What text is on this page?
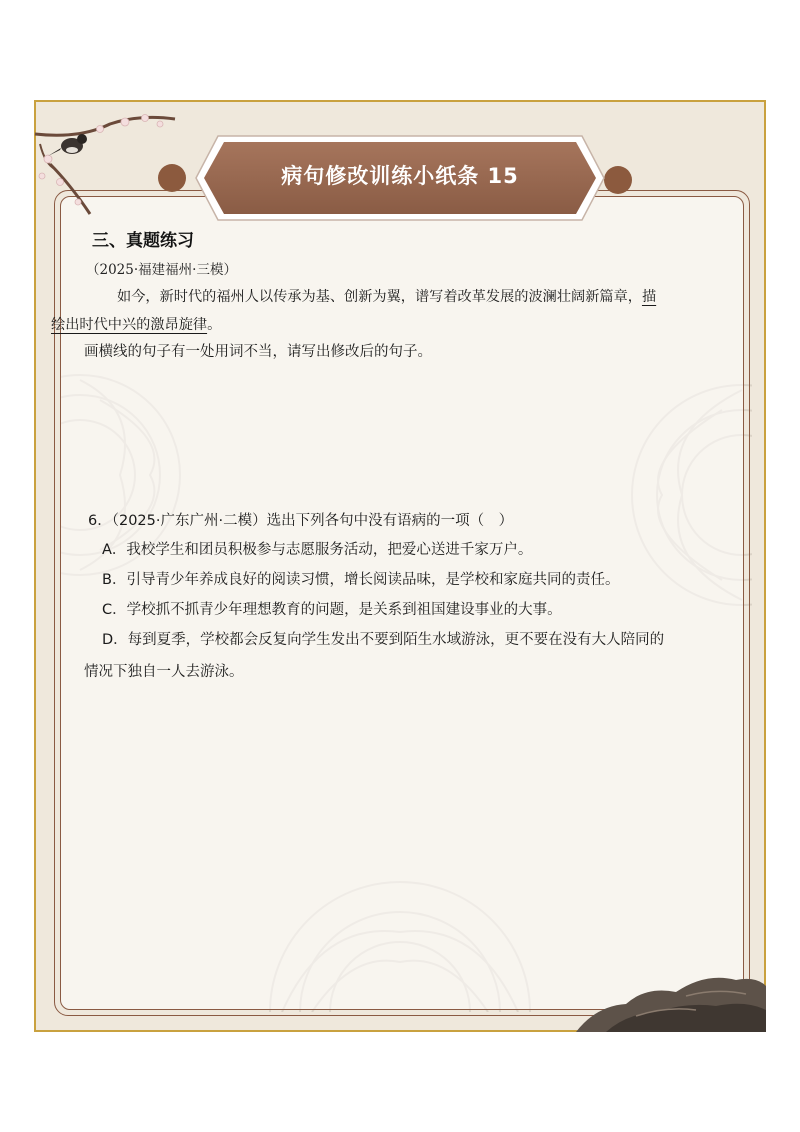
病句修改训练小纸条 15
三、真题练习
（2025·福建福州·三模）
如今，新时代的福州人以传承为基、创新为翼，谱写着改革发展的波澜壮阔新篇章，描
绘出时代中兴的激昂旋律。
画横线的句子有一处用词不当，请写出修改后的句子。
6．（2025·广东广州·二模）选出下列各句中没有语病的一项（　）
A．我校学生和团员积极参与志愿服务活动，把爱心送进千家万户。
B．引导青少年养成良好的阅读习惯，增长阅读品味，是学校和家庭共同的责任。
C．学校抓不抓青少年理想教育的问题，是关系到祖国建设事业的大事。
D．每到夏季，学校都会反复向学生发出不要到陌生水域游泳，更不要在没有大人陪同的
情况下独自一人去游泳。
